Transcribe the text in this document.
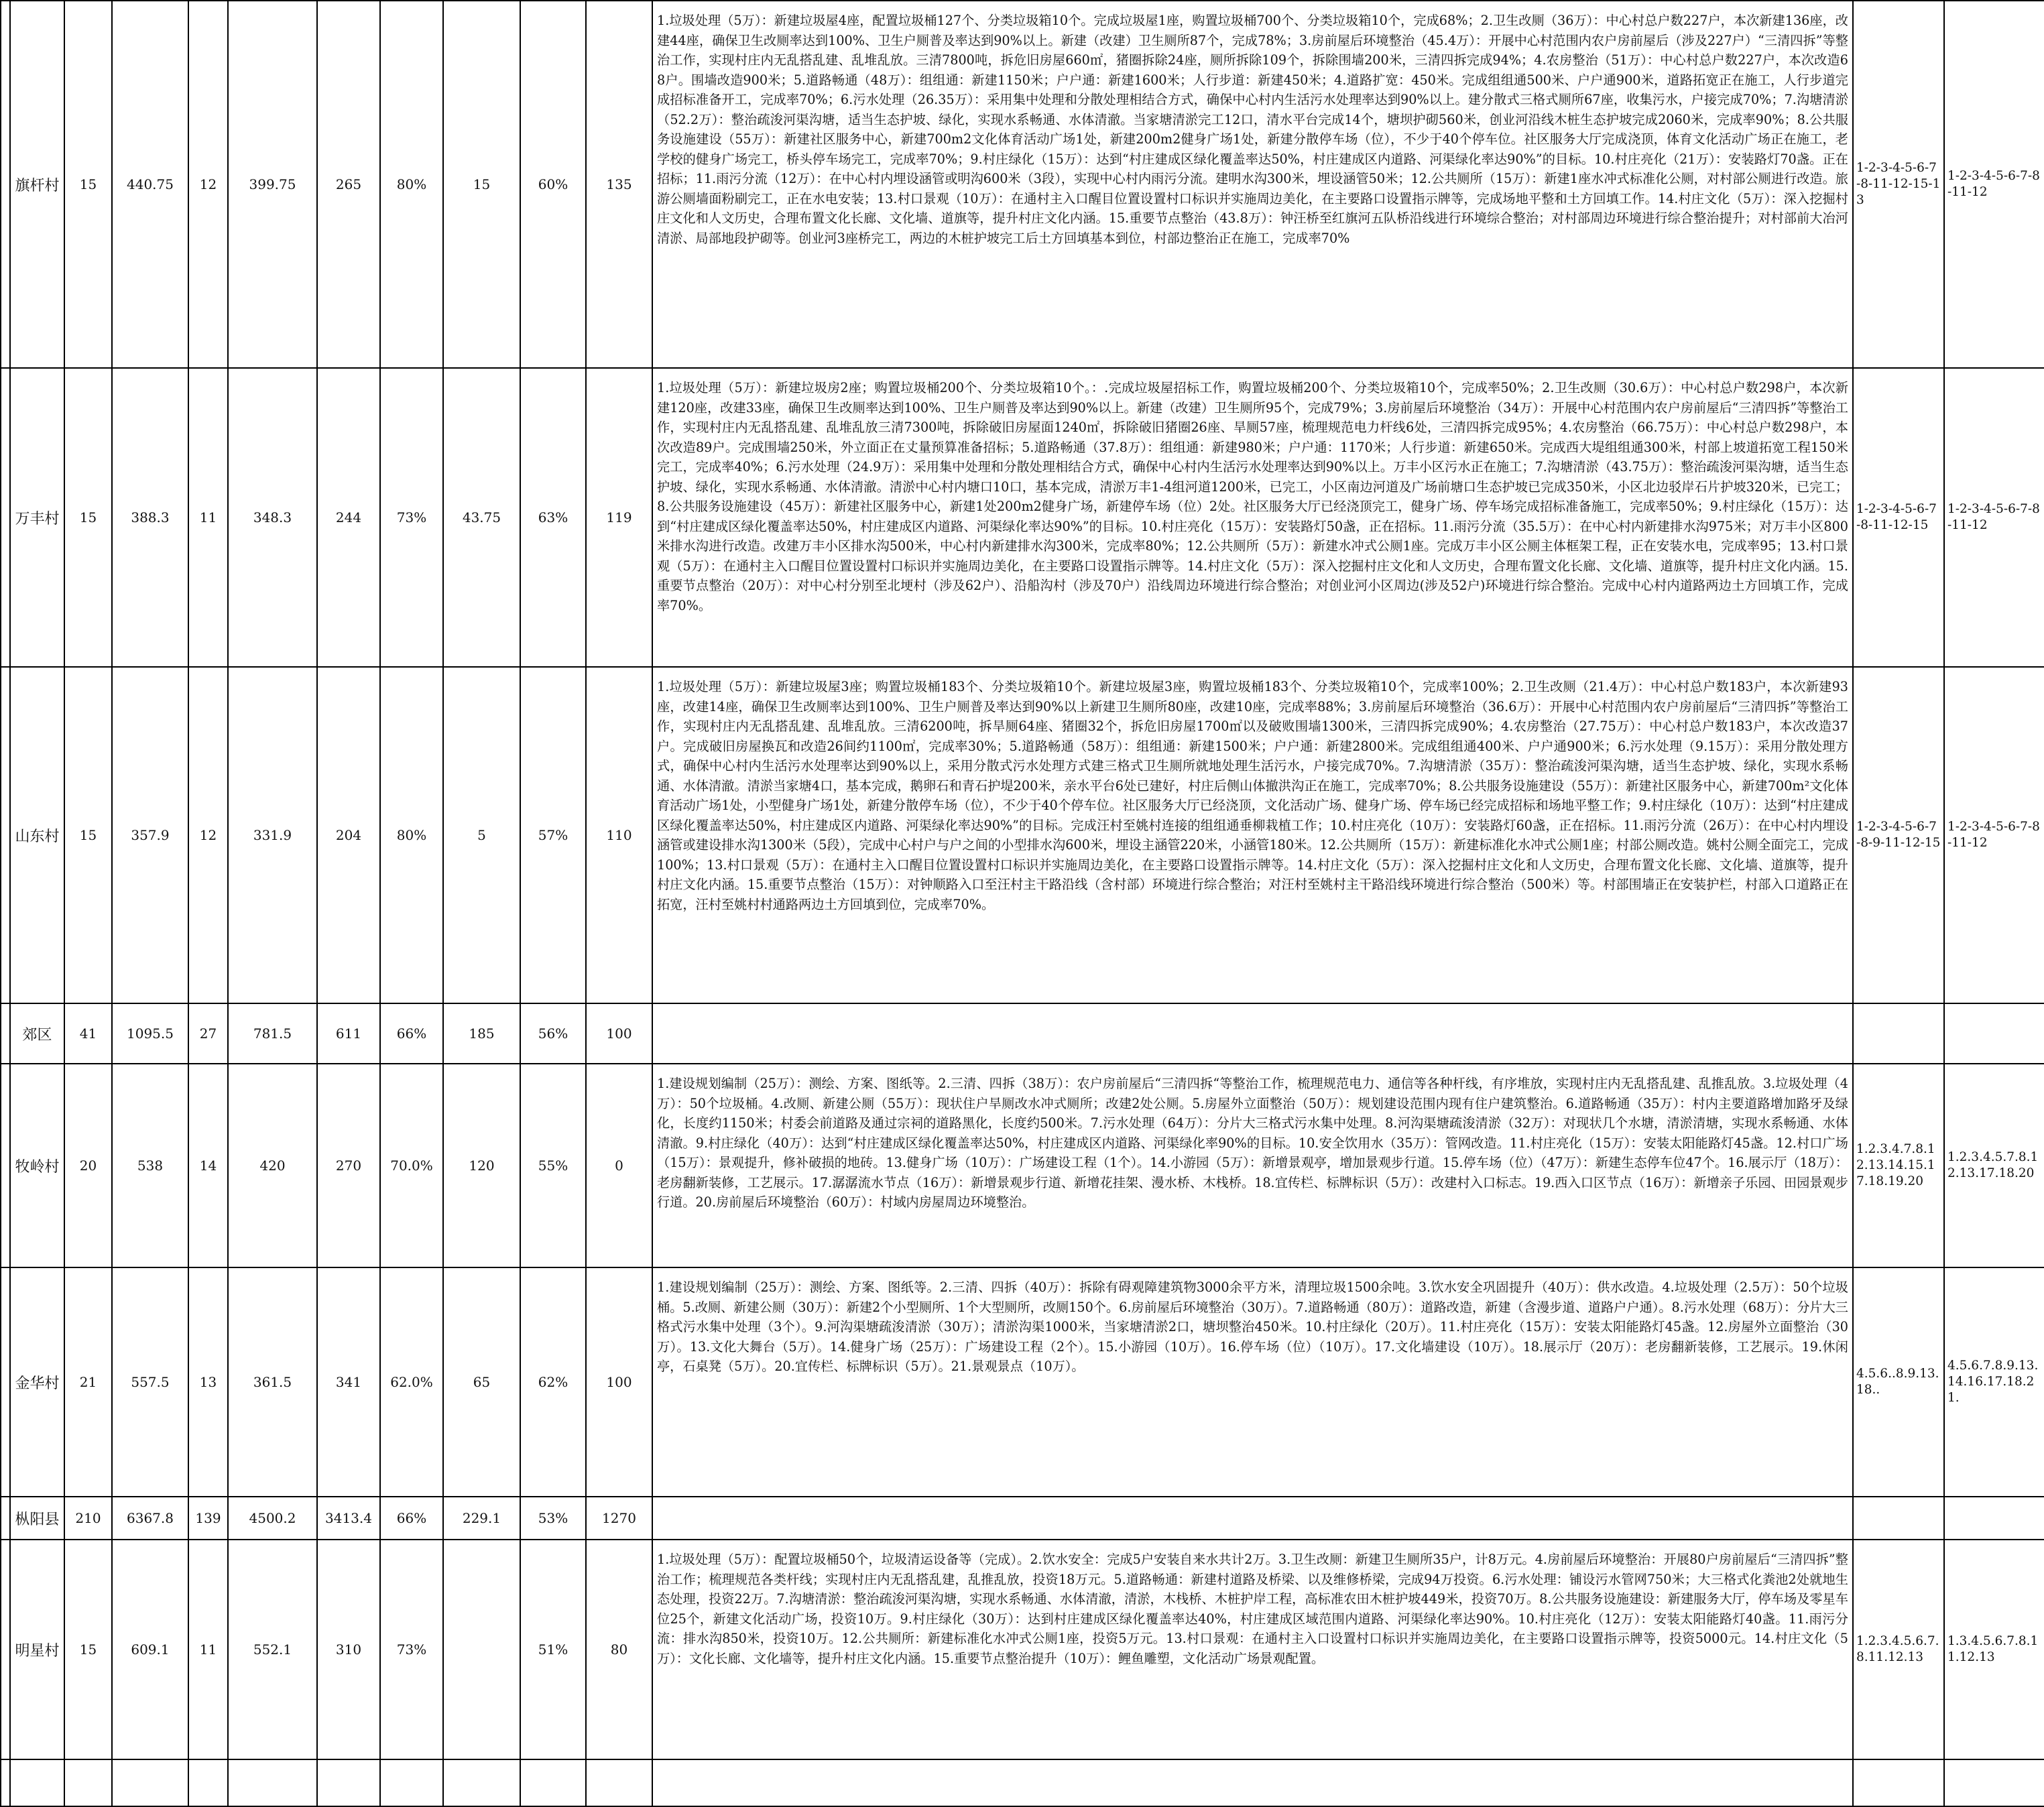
	旗杆村	15	440.75	12	399.75	265	80%	15	60%	135	1.垃圾处理（5万）：新建垃圾屋4座，配置垃圾桶127个、分类垃圾箱10个。完成垃圾屋1座，购置垃圾桶700个、分类垃圾箱10个，完成68%；2.卫生改厕（36万）：中心村总户数227户，本次新建136座，改建44座，确保卫生改厕率达到100%、卫生户厕普及率达到90%以上。新建（改建）卫生厕所87个，完成78%；3.房前屋后环境整治（45.4万）：开展中心村范围内农户房前屋后（涉及227户）“三清四拆”等整治工作，实现村庄内无乱搭乱建、乱堆乱放。三清7800吨，拆危旧房屋660㎡，猪圈拆除24座，厕所拆除109个，拆除围墙200米，三清四拆完成94%；4.农房整治（51万）：中心村总户数227户，本次改造68户。围墙改造900米；5.道路畅通（48万）：组组通：新建1150米；户户通：新建1600米；人行步道：新建450米；4.道路扩宽：450米。完成组组通500米、户户通900米，道路拓宽正在施工，人行步道完成招标准备开工，完成率70%；6.污水处理（26.35万）：采用集中处理和分散处理相结合方式，确保中心村内生活污水处理率达到90%以上。建分散式三格式厕所67座，收集污水，户接完成70%；7.沟塘清淤（52.2万）：整治疏浚河渠沟塘，适当生态护坡、绿化，实现水系畅通、水体清澈。当家塘清淤完工12口，清水平台完成14个，塘坝护砌560米，创业河沿线木桩生态护坡完成2060米，完成率90%；8.公共服务设施建设（55万）：新建社区服务中心，新建700m2文化体育活动广场1处，新建200m2健身广场1处，新建分散停车场（位），不少于40个停车位。社区服务大厅完成浇顶，体育文化活动广场正在施工，老学校的健身广场完工，桥头停车场完工，完成率70%；9.村庄绿化（15万）：达到“村庄建成区绿化覆盖率达50%，村庄建成区内道路、河渠绿化率达90%”的目标。10.村庄亮化（21万）：安装路灯70盏。正在招标；11.雨污分流（12万）：在中心村内埋设涵管或明沟600米（3段），实现中心村内雨污分流。建明水沟300米，埋设涵管50米；12.公共厕所（15万）：新建1座水冲式标准化公厕，对村部公厕进行改造。旅游公厕墙面粉刷完工，正在水电安装；13.村口景观（10万）：在通村主入口醒目位置设置村口标识并实施周边美化，在主要路口设置指示牌等，完成场地平整和土方回填工作。14.村庄文化（5万）：深入挖掘村庄文化和人文历史，合理布置文化长廊、文化墙、道旗等，提升村庄文化内涵。15.重要节点整治（43.8万）：钟汪桥至红旗河五队桥沿线进行环境综合整治；对村部周边环境进行综合整治提升；对村部前大冶河清淤、局部地段护砌等。创业河3座桥完工，两边的木桩护坡完工后土方回填基本到位，村部边整治正在施工，完成率70%	1-2-3-4-5-6-7-8-11-12-15-13	1-2-3-4-5-6-7-8-11-12
	万丰村	15	388.3	11	348.3	244	73%	43.75	63%	119	1.垃圾处理（5万）：新建垃圾房2座；购置垃圾桶200个、分类垃圾箱10个。：.完成垃圾屋招标工作，购置垃圾桶200个、分类垃圾箱10个，完成率50%；2.卫生改厕（30.6万）：中心村总户数298户，本次新建120座，改建33座，确保卫生改厕率达到100%、卫生户厕普及率达到90%以上。新建（改建）卫生厕所95个，完成79%；3.房前屋后环境整治（34万）：开展中心村范围内农户房前屋后“三清四拆”等整治工作，实现村庄内无乱搭乱建、乱堆乱放三清7300吨，拆除破旧房屋面1240㎡，拆除破旧猪圈26座、旱厕57座，梳理规范电力杆线6处，三清四拆完成95%；4.农房整治（66.75万）：中心村总户数298户，本次改造89户。完成围墙250米，外立面正在丈量预算准备招标；5.道路畅通（37.8万）：组组通：新建980米；户户通：1170米；人行步道：新建650米。完成西大堤组组通300米，村部上坡道拓宽工程150米完工，完成率40%；6.污水处理（24.9万）：采用集中处理和分散处理相结合方式，确保中心村内生活污水处理率达到90%以上。万丰小区污水正在施工；7.沟塘清淤（43.75万）：整治疏浚河渠沟塘，适当生态护坡、绿化，实现水系畅通、水体清澈。清淤中心村内塘口10口，基本完成，清淤万丰1-4组河道1200米，已完工，小区南边河道及广场前塘口生态护坡已完成350米，小区北边驳岸石片护坡320米，已完工；8.公共服务设施建设（45万）：新建社区服务中心，新建1处200m2健身广场，新建停车场（位）2处。社区服务大厅已经浇顶完工，健身广场、停车场完成招标准备施工，完成率50%；9.村庄绿化（15万）：达到“村庄建成区绿化覆盖率达50%，村庄建成区内道路、河渠绿化率达90%”的目标。10.村庄亮化（15万）：安装路灯50盏，正在招标。11.雨污分流（35.5万）：在中心村内新建排水沟975米；对万丰小区800米排水沟进行改造。改建万丰小区排水沟500米，中心村内新建排水沟300米，完成率80%；12.公共厕所（5万）：新建水冲式公厕1座。完成万丰小区公厕主体框架工程，正在安装水电，完成率95；13.村口景观（5万）：在通村主入口醒目位置设置村口标识并实施周边美化，在主要路口设置指示牌等。14.村庄文化（5万）：深入挖掘村庄文化和人文历史，合理布置文化长廊、文化墙、道旗等，提升村庄文化内涵。15.重要节点整治（20万）：对中心村分别至北埂村（涉及62户）、沿船沟村（涉及70户）沿线周边环境进行综合整治；对创业河小区周边(涉及52户)环境进行综合整治。完成中心村内道路两边土方回填工作，完成率70%。	1-2-3-4-5-6-7-8-11-12-15	1-2-3-4-5-6-7-8-11-12
	山东村	15	357.9	12	331.9	204	80%	5	57%	110	1.垃圾处理（5万）：新建垃圾屋3座；购置垃圾桶183个、分类垃圾箱10个。新建垃圾屋3座，购置垃圾桶183个、分类垃圾箱10个，完成率100%；2.卫生改厕（21.4万）：中心村总户数183户，本次新建93座，改建14座，确保卫生改厕率达到100%、卫生户厕普及率达到90%以上新建卫生厕所80座，改建10座，完成率88%；3.房前屋后环境整治（36.6万）：开展中心村范围内农户房前屋后“三清四拆”等整治工作，实现村庄内无乱搭乱建、乱堆乱放。三清6200吨，拆旱厕64座、猪圈32个，拆危旧房屋1700㎡以及破败围墙1300米，三清四拆完成90%；4.农房整治（27.75万）：中心村总户数183户，本次改造37户。完成破旧房屋换瓦和改造26间约1100㎡，完成率30%；5.道路畅通（58万）：组组通：新建1500米；户户通：新建2800米。完成组组通400米、户户通900米；6.污水处理（9.15万）：采用分散处理方式，确保中心村内生活污水处理率达到90%以上，采用分散式污水处理方式建三格式卫生厕所就地处理生活污水，户接完成70%。7.沟塘清淤（35万）：整治疏浚河渠沟塘，适当生态护坡、绿化，实现水系畅通、水体清澈。清淤当家塘4口，基本完成，鹅卵石和青石护堤200米，亲水平台6处已建好，村庄后侧山体撤洪沟正在施工，完成率70%；8.公共服务设施建设（55万）：新建社区服务中心，新建700m²文化体育活动广场1处，小型健身广场1处，新建分散停车场（位），不少于40个停车位。社区服务大厅已经浇顶，文化活动广场、健身广场、停车场已经完成招标和场地平整工作；9.村庄绿化（10万）：达到“村庄建成区绿化覆盖率达50%，村庄建成区内道路、河渠绿化率达90%”的目标。完成汪村至姚村连接的组组通垂柳栽植工作；10.村庄亮化（10万）：安装路灯60盏，正在招标。11.雨污分流（26万）：在中心村内埋设涵管或建设排水沟1300米（5段），完成中心村户与户之间的小型排水沟600米，埋设主涵管220米，小涵管180米。12.公共厕所（15万）：新建标准化水冲式公厕1座；村部公厕改造。姚村公厕全面完工，完成100%；13.村口景观（5万）：在通村主入口醒目位置设置村口标识并实施周边美化，在主要路口设置指示牌等。14.村庄文化（5万）：深入挖掘村庄文化和人文历史，合理布置文化长廊、文化墙、道旗等，提升村庄文化内涵。15.重要节点整治（15万）：对钟顺路入口至汪村主干路沿线（含村部）环境进行综合整治；对汪村至姚村主干路沿线环境进行综合整治（500米）等。村部围墙正在安装护栏，村部入口道路正在拓宽，汪村至姚村村通路两边土方回填到位，完成率70%。	1-2-3-4-5-6-7-8-9-11-12-15	1-2-3-4-5-6-7-8-11-12
	郊区	41	1095.5	27	781.5	611	66%	185	56%	100			
	牧岭村	20	538	14	420	270	70.0%	120	55%	0	1.建设规划编制（25万）：测绘、方案、图纸等。2.三清、四拆（38万）：农户房前屋后“三清四拆“等整治工作，梳理规范电力、通信等各种杆线，有序堆放，实现村庄内无乱搭乱建、乱推乱放。3.垃圾处理（4万）：50个垃圾桶。4.改厕、新建公厕（55万）：现状住户旱厕改水冲式厕所；改建2处公厕。5.房屋外立面整治（50万）：规划建设范围内现有住户建筑整治。6.道路畅通（35万）：村内主要道路增加路牙及绿化，长度约1150米；村委会前道路及通过宗祠的道路黑化，长度约500米。7.污水处理（64万）：分片大三格式污水集中处理。8.河沟渠塘疏浚清淤（32万）：对现状几个水塘，清淤清塘，实现水系畅通、水体清澈。9.村庄绿化（40万）：达到“村庄建成区绿化覆盖率达50%，村庄建成区内道路、河渠绿化率90%的目标。10.安全饮用水（35万）：管网改造。11.村庄亮化（15万）：安装太阳能路灯45盏。12.村口广场（15万）：景观提升，修补破损的地砖。13.健身广场（10万）：广场建设工程（1个）。14.小游园（5万）：新增景观亭，增加景观步行道。15.停车场（位）（47万）：新建生态停车位47个。16.展示厅（18万）：老房翻新装修，工艺展示。17.潺潺流水节点（16万）：新增景观步行道、新增花挂架、漫水桥、木栈桥。18.宜传栏、标牌标识（5万）：改建村入口标志。19.西入口区节点（16万）：新增亲子乐园、田园景观步行道。20.房前屋后环境整治（60万）：村域内房屋周边环境整治。	1.2.3.4.7.8.12.13.14.15.17.18.19.20	1.2.3.4.5.7.8.12.13.17.18.20
	金华村	21	557.5	13	361.5	341	62.0%	65	62%	100	1.建设规划编制（25万）：测绘、方案、图纸等。2.三清、四拆（40万）：拆除有碍观障建筑物3000余平方米，清理垃圾1500余吨。3.饮水安全巩固提升（40万）：供水改造。4.垃圾处理（2.5万）：50个垃圾桶。5.改厕、新建公厕（30万）：新建2个小型厕所、1个大型厕所，改厕150个。6.房前屋后环境整治（30万）。7.道路畅通（80万）：道路改造，新建（含漫步道、道路户户通）。8.污水处理（68万）：分片大三格式污水集中处理（3个）。9.河沟渠塘疏浚清淤（30万）；清淤沟渠1000米，当家塘清淤2口，塘坝整治450米。10.村庄绿化（20万）。11.村庄亮化（15万）：安装太阳能路灯45盏。12.房屋外立面整治（30万）。13.文化大舞台（5万）。14.健身广场（25万）：广场建设工程（2个）。15.小游园（10万）。16.停车场（位）（10万）。17.文化墙建设（10万）。18.展示厅（20万）：老房翻新装修，工艺展示。19.休闲亭，石桌凳（5万）。20.宜传栏、标牌标识（5万）。21.景观景点（10万）。	4.5.6..8.9.13.18..	4.5.6.7.8.9.13.14.16.17.18.21.
	枞阳县	210	6367.8	139	4500.2	3413.4	66%	229.1	53%	1270			
	明星村	15	609.1	11	552.1	310	73%		51%	80	1.垃圾处理（5万）：配置垃圾桶50个，垃圾清运设备等（完成）。2.饮水安全：完成5户安装自来水共计2万。3.卫生改厕：新建卫生厕所35户，计8万元。4.房前屋后环境整治：开展80户房前屋后“三清四拆”整治工作；梳理规范各类杆线；实现村庄内无乱搭乱建，乱推乱放，投资18万元。5.道路畅通：新建村道路及桥梁、以及维修桥梁，完成94万投资。6.污水处理：铺设污水管网750米；大三格式化粪池2处就地生态处理，投资22万。7.沟塘清淤：整治疏浚河渠沟塘，实现水系畅通、水体清澈，清淤，木栈桥、木桩护岸工程，高标准农田木桩护坡449米，投资70万。8.公共服务设施建设：新建服务大厅，停车场及零星车位25个，新建文化活动广场，投资10万。9.村庄绿化（30万）：达到村庄建成区绿化覆盖率达40%，村庄建成区域范围内道路、河渠绿化率达90%。10.村庄亮化（12万）：安装太阳能路灯40盏。11.雨污分流：排水沟850米，投资10万。12.公共厕所：新建标准化水冲式公厕1座，投资5万元。13.村口景观：在通村主入口设置村口标识并实施周边美化，在主要路口设置指示牌等，投资5000元。14.村庄文化（5万）：文化长廊、文化墙等，提升村庄文化内涵。15.重要节点整治提升（10万）：鲤鱼雕塑，文化活动广场景观配置。	1.2.3.4.5.6.7.8.11.12.13	1.3.4.5.6.7.8.11.12.13
